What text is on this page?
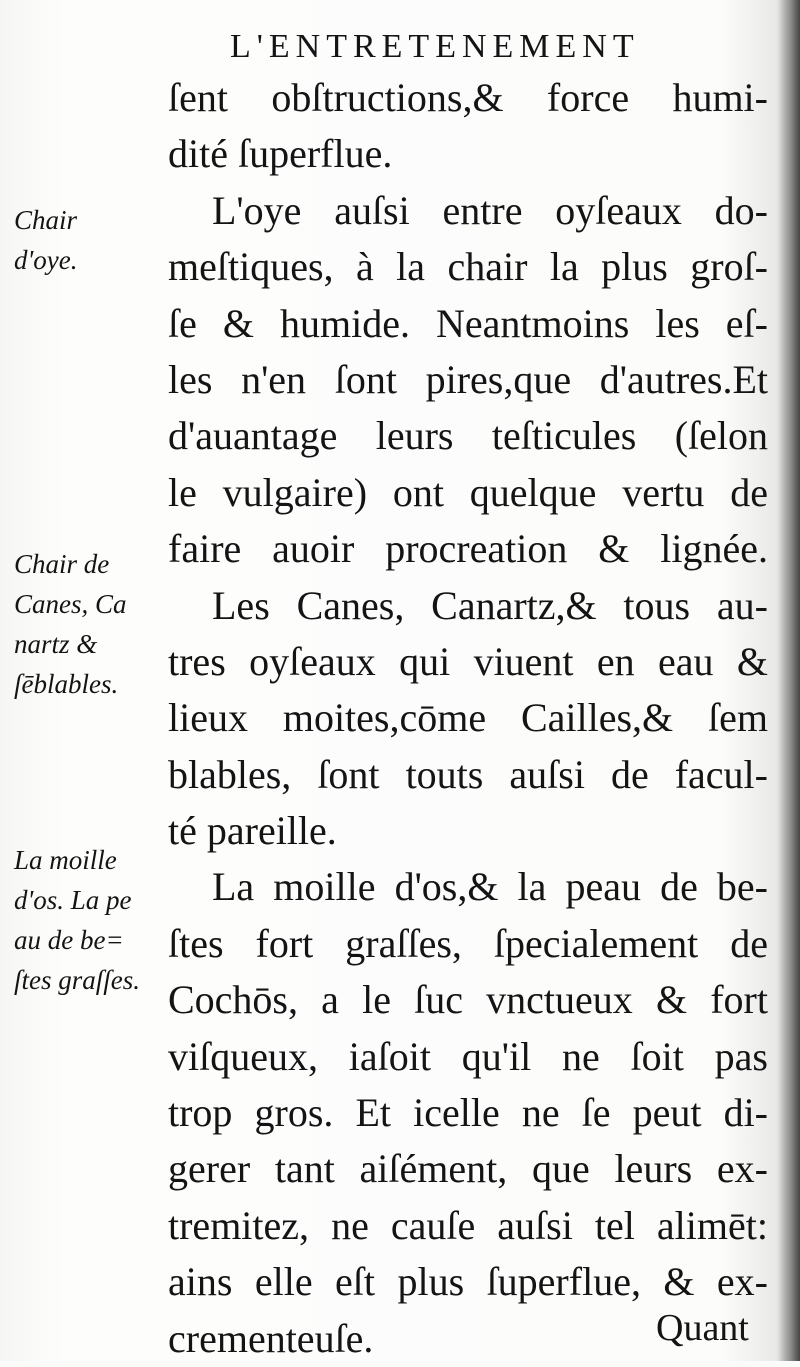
L'ENTRETENEMENT
ſent obſtructions,& force humi-
dité ſuperflue.
L'oye auſsi entre oyſeaux do-
meſtiques, à la chair la plus groſ-
ſe & humide. Neantmoins les eſ-
les n'en ſont pires,que d'autres.Et
d'auantage leurs teſticules (ſelon
le vulgaire) ont quelque vertu de
faire auoir procreation & lignée.
Les Canes, Canartz,& tous au-
tres oyſeaux qui viuent en eau &
lieux moites,cōme Cailles,& ſem
blables, ſont touts auſsi de facul-
té pareille.
La moille d'os,& la peau de be-
ſtes fort graſſes, ſpecialement de
Cochōs, a le ſuc vnctueux & fort
viſqueux, iaſoit qu'il ne ſoit pas
trop gros. Et icelle ne ſe peut di-
gerer tant aiſément, que leurs ex-
tremitez, ne cauſe auſsi tel alimēt:
ains elle eſt plus ſuperflue, & ex-
crementeuſe.
Chair
d'oye.
Chair de
Canes, Ca
nartz &
ſēblables.
La moille
d'os. La pe
au de be=
ſtes graſſes.
Quant
